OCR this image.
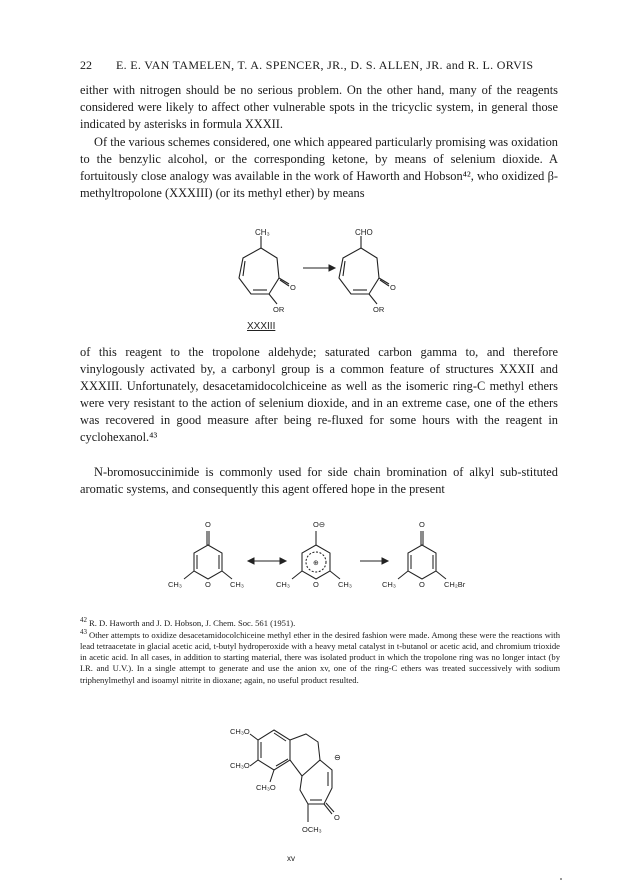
22 E. E. VAN TAMELEN, T. A. SPENCER, JR., D. S. ALLEN, JR. and R. L. ORVIS

either with nitrogen should be no serious problem. On the other hand, many of the reagents considered were likely to affect other vulnerable spots in the tricyclic system, in general those indicated by asterisks in formula XXXII.

Of the various schemes considered, one which appeared particularly promising was oxidation to the benzylic alcohol, or the corresponding ketone, by means of selenium dioxide. A fortuitously close analogy was available in the work of Haworth and Hobson⁴², who oxidized β-methyltropolone (XXXIII) (or its methyl ether) by means

CH₃
O
OR
CHO
O
OR
XXXIII

of this reagent to the tropolone aldehyde; saturated carbon gamma to, and therefore vinylogously activated by, a carbonyl group is a common feature of structures XXXII and XXXIII. Unfortunately, desacetamidocolchiceine as well as the isomeric ring-C methyl ethers were very resistant to the action of selenium dioxide, and in an extreme case, one of the ethers was recovered in good measure after being re-fluxed for some hours with the reagent in cyclohexanol.⁴³

N-bromosuccinimide is commonly used for side chain bromination of alkyl sub-stituted aromatic systems, and consequently this agent offered hope in the present

O
O
CH₃	CH₃
O⊖
⊕
O
CH₃	CH₃
O
O
CH₃	CH₂Br

$^{42}$ R. D. Haworth and J. D. Hobson, J. Chem. Soc. 561 (1951).

$^{43}$ Other attempts to oxidize desacetamidocolchiceine methyl ether in the desired fashion were made. Among these were the reactions with lead tetraacetate in glacial acetic acid, t-butyl hydroperoxide with a heavy metal catalyst in t-butanol or acetic acid, and chromium trioxide in acetic acid. In all cases, in addition to starting material, there was isolated product in which the tropolone ring was no longer intact (by I.R. and U.V.). In a single attempt to generate and use the anion xv, one of the ring-C ethers was treated successively with sodium triphenylmethyl and isoamyl nitrite in dioxane; again, no useful product resulted.

CH₃O
CH₃O
CH₃O
⊖
O
OCH₃
xv
